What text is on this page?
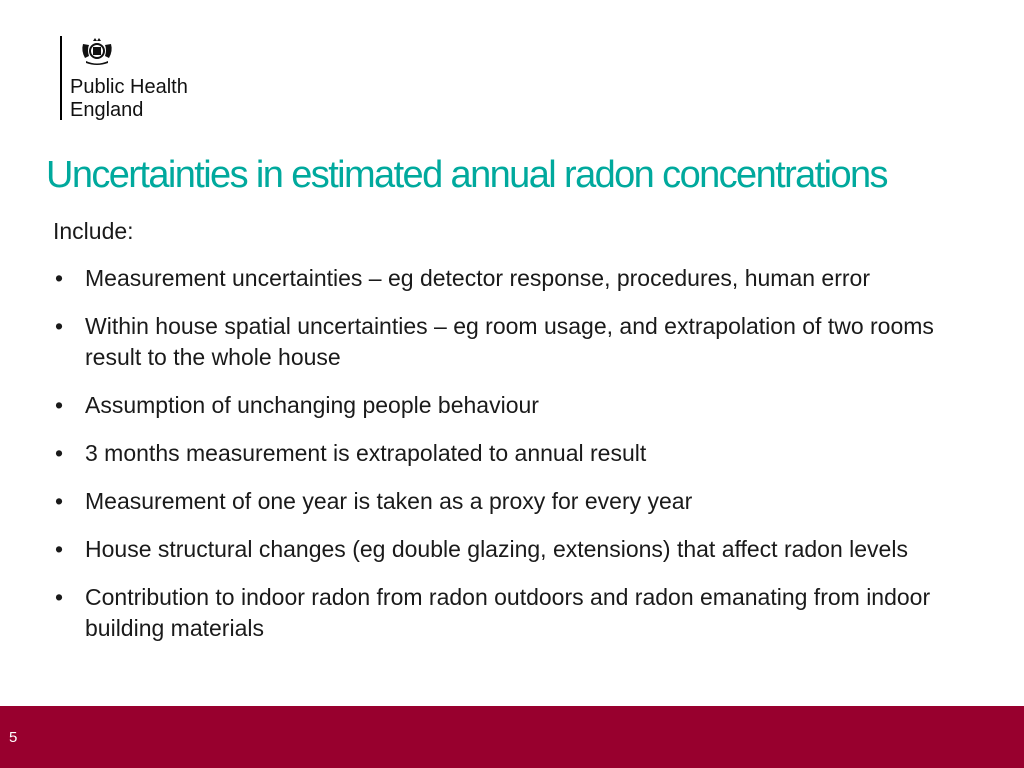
Public Health
England
Uncertainties in estimated annual radon concentrations

Include:

• Measurement uncertainties – eg detector response, procedures, human error
• Within house spatial uncertainties – eg room usage, and extrapolation of two rooms result to the whole house
• Assumption of unchanging people behaviour
• 3 months measurement is extrapolated to annual result
• Measurement of one year is taken as a proxy for every year
• House structural changes (eg double glazing, extensions) that affect radon levels
• Contribution to indoor radon from radon outdoors and radon emanating from indoor building materials
5
